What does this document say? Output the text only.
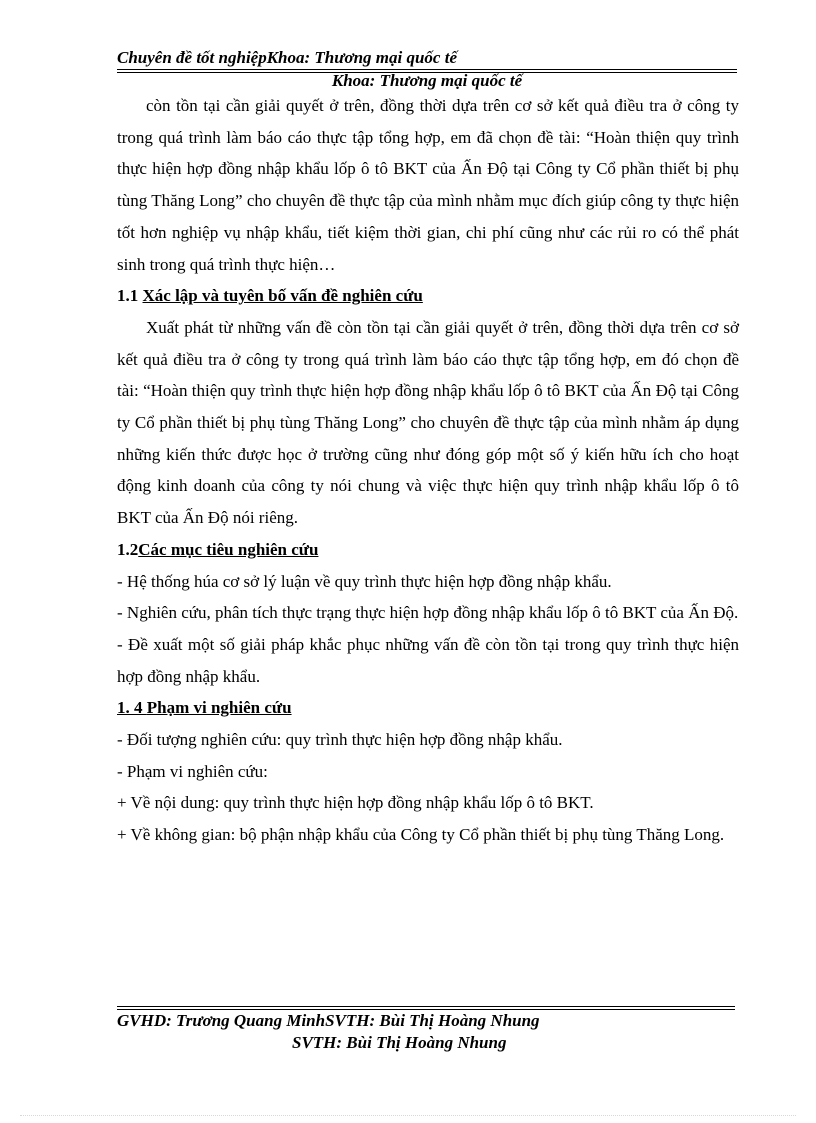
Chuyên đề tốt nghiệpKhoa: Thương mại quốc tế
Khoa: Thương mại quốc tế

còn tồn tại cần giải quyết ở trên, đồng thời dựa trên cơ sở kết quả điều tra ở công ty trong quá trình làm báo cáo thực tập tổng hợp, em đã chọn đề tài: “Hoàn thiện quy trình thực hiện hợp đồng nhập khẩu lốp ô tô BKT của Ấn Độ tại Công ty Cổ phần thiết bị phụ tùng Thăng Long” cho chuyên đề thực tập của mình nhằm mục đích giúp công ty thực hiện tốt hơn nghiệp vụ nhập khẩu, tiết kiệm thời gian, chi phí cũng như các rủi ro có thể phát sinh trong quá trình thực hiện…

1.1 Xác lập và tuyên bố vấn đề nghiên cứu

Xuất phát từ những vấn đề còn tồn tại cần giải quyết ở trên, đồng thời dựa trên cơ sở kết quả điều tra ở công ty trong quá trình làm báo cáo thực tập tổng hợp, em đó chọn đề tài: “Hoàn thiện quy trình thực hiện hợp đồng nhập khẩu lốp ô tô BKT của Ấn Độ tại Công ty Cổ phần thiết bị phụ tùng Thăng Long” cho chuyên đề thực tập của mình nhằm áp dụng những kiến thức được học ở trường cũng như đóng góp một số ý kiến hữu ích cho hoạt động kinh doanh của công ty nói chung và việc thực hiện quy trình nhập khẩu lốp ô tô BKT của Ấn Độ nói riêng.

1.2Các mục tiêu nghiên cứu

- Hệ thống húa cơ sở lý luận về quy trình thực hiện hợp đồng nhập khẩu.

- Nghiên cứu, phân tích thực trạng thực hiện hợp đồng nhập khẩu lốp ô tô BKT của Ấn Độ.

- Đề xuất một số giải pháp khắc phục những vấn đề còn tồn tại trong quy trình thực hiện hợp đồng nhập khẩu.

1. 4 Phạm vi nghiên cứu

- Đối tượng nghiên cứu: quy trình thực hiện hợp đồng nhập khẩu.

- Phạm vi nghiên cứu:

+ Về nội dung: quy trình thực hiện hợp đồng nhập khẩu lốp ô tô BKT.

+ Về không gian: bộ phận nhập khẩu của Công ty Cổ phần thiết bị phụ tùng Thăng Long.

GVHD: Trương Quang MinhSVTH: Bùi Thị Hoàng Nhung
SVTH: Bùi Thị Hoàng Nhung
